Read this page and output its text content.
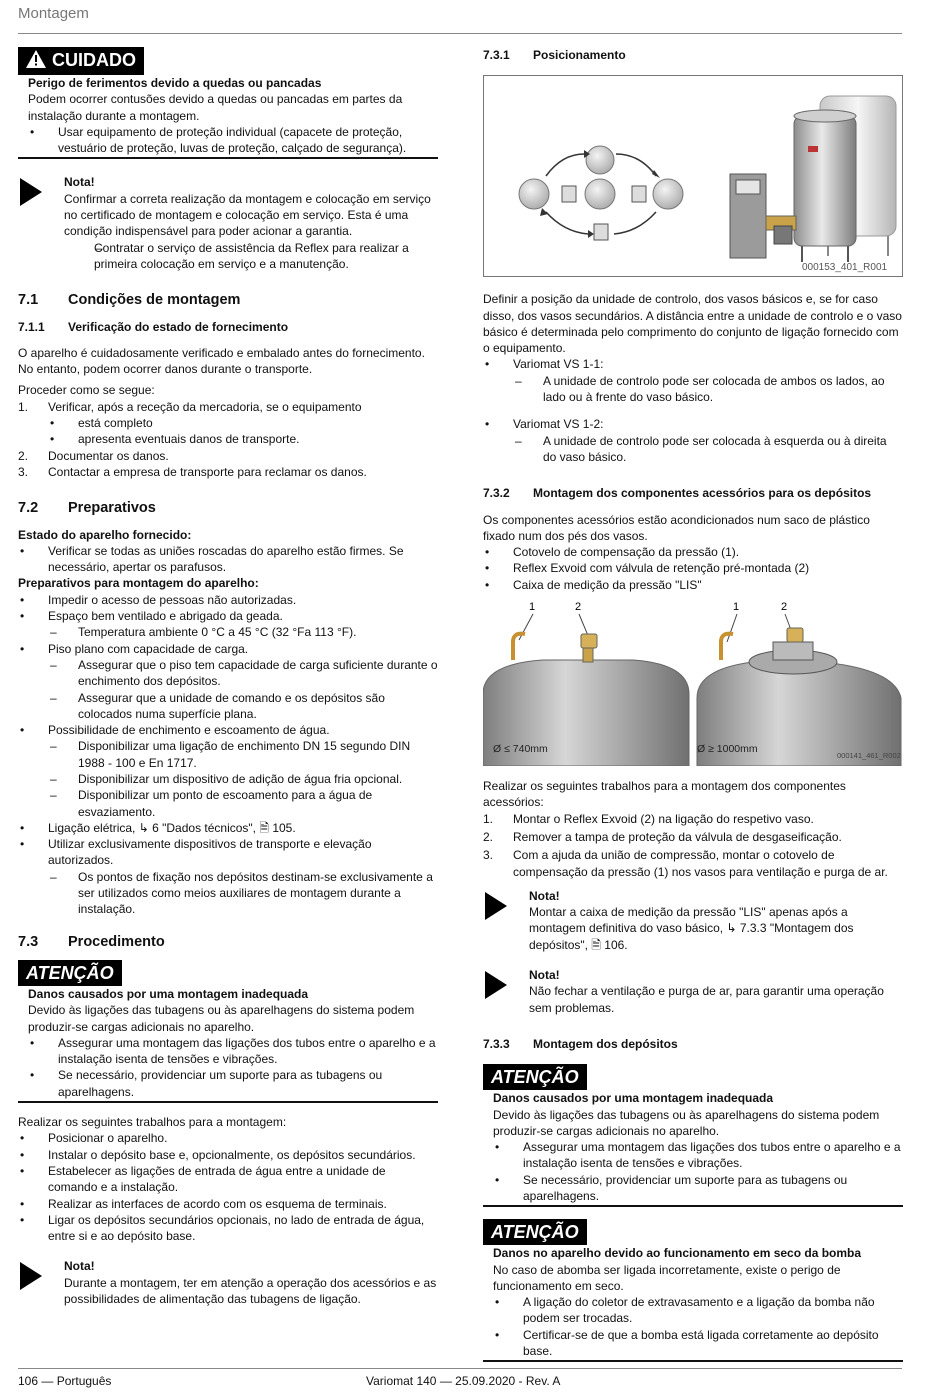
Montagem
CUIDADO

Perigo de ferimentos devido a quedas ou pancadas

Podem ocorrer contusões devido a quedas ou pancadas em partes da instalação durante a montagem.

• Usar equipamento de proteção individual (capacete de proteção, vestuário de proteção, luvas de proteção, calçado de segurança).

Nota!

Confirmar a correta realização da montagem e colocação em serviço no certificado de montagem e colocação em serviço. Esta é uma condição indispensável para poder acionar a garantia.

– Contratar o serviço de assistência da Reflex para realizar a primeira colocação em serviço e a manutenção.

7.1 Condições de montagem
7.1.1 Verificação do estado de fornecimento

O aparelho é cuidadosamente verificado e embalado antes do fornecimento. No entanto, podem ocorrer danos durante o transporte.

Proceder como se segue:

1. Verificar, após a receção da mercadoria, se o equipamento

• está completo

• apresenta eventuais danos de transporte.

2. Documentar os danos.
3. Contactar a empresa de transporte para reclamar os danos.
7.2 Preparativos

Estado do aparelho fornecido:

• Verificar se todas as uniões roscadas do aparelho estão firmes. Se necessário, apertar os parafusos.

Preparativos para montagem do aparelho:

• Impedir o acesso de pessoas não autorizadas.

• Espaço bem ventilado e abrigado da geada.

– Temperatura ambiente 0 °C a 45 °C (32 °Fa 113 °F).

• Piso plano com capacidade de carga.

– Assegurar que o piso tem capacidade de carga suficiente durante o enchimento dos depósitos.

– Assegurar que a unidade de comando e os depósitos são colocados numa superfície plana.

• Possibilidade de enchimento e escoamento de água.

– Disponibilizar uma ligação de enchimento DN 15 segundo DIN 1988 - 100 e En 1717.

– Disponibilizar um dispositivo de adição de água fria opcional.

– Disponibilizar um ponto de escoamento para a água de esvaziamento.

• Ligação elétrica, ↳ 6 "Dados técnicos", 🗎 105.

• Utilizar exclusivamente dispositivos de transporte e elevação autorizados.

– Os pontos de fixação nos depósitos destinam-se exclusivamente a ser utilizados como meios auxiliares de montagem durante a instalação.

7.3 Procedimento
ATENÇÃO

Danos causados por uma montagem inadequada

Devido às ligações das tubagens ou às aparelhagens do sistema podem produzir-se cargas adicionais no aparelho.

• Assegurar uma montagem das ligações dos tubos entre o aparelho e a instalação isenta de tensões e vibrações.

• Se necessário, providenciar um suporte para as tubagens ou aparelhagens.

Realizar os seguintes trabalhos para a montagem:

• Posicionar o aparelho.

• Instalar o depósito base e, opcionalmente, os depósitos secundários.

• Estabelecer as ligações de entrada de água entre a unidade de comando e a instalação.

• Realizar as interfaces de acordo com os esquema de terminais.

• Ligar os depósitos secundários opcionais, no lado de entrada de água, entre si e ao depósito base.

Nota!

Durante a montagem, ter em atenção a operação dos acessórios e as possibilidades de alimentação das tubagens de ligação.

7.3.1 Posicionamento
000153_401_R001

Definir a posição da unidade de controlo, dos vasos básicos e, se for caso disso, dos vasos secundários. A distância entre a unidade de controlo e o vaso básico é determinada pelo comprimento do conjunto de ligação fornecido com o equipamento.

• Variomat VS 1-1:

– A unidade de controlo pode ser colocada de ambos os lados, ao lado ou à frente do vaso básico.

• Variomat VS 1-2:

– A unidade de controlo pode ser colocada à esquerda ou à direita do vaso básico.

7.3.2 Montagem dos componentes acessórios para os depósitos

Os componentes acessórios estão acondicionados num saco de plástico fixado num dos pés dos vasos.

• Cotovelo de compensação da pressão (1).

• Reflex Exvoid com válvula de retenção pré-montada (2)

• Caixa de medição da pressão "LIS"

1	2	1	2
Ø ≤ 740mm	Ø ≥ 1000mm
000141_461_R002

Realizar os seguintes trabalhos para a montagem dos componentes acessórios:

1. Montar o Reflex Exvoid (2) na ligação do respetivo vaso.
2. Remover a tampa de proteção da válvula de desgaseificação.
3. Com a ajuda da união de compressão, montar o cotovelo de compensação da pressão (1) nos vasos para ventilação e purga de ar.

Nota!

Montar a caixa de medição da pressão "LIS" apenas após a montagem definitiva do vaso básico, ↳ 7.3.3 "Montagem dos depósitos", 🗎 106.

Nota!

Não fechar a ventilação e purga de ar, para garantir uma operação sem problemas.

7.3.3 Montagem dos depósitos
ATENÇÃO

Danos causados por uma montagem inadequada

Devido às ligações das tubagens ou às aparelhagens do sistema podem produzir-se cargas adicionais no aparelho.

• Assegurar uma montagem das ligações dos tubos entre o aparelho e a instalação isenta de tensões e vibrações.

• Se necessário, providenciar um suporte para as tubagens ou aparelhagens.

ATENÇÃO

Danos no aparelho devido ao funcionamento em seco da bomba

No caso de abomba ser ligada incorretamente, existe o perigo de funcionamento em seco.

• A ligação do coletor de extravasamento e a ligação da bomba não podem ser trocadas.

• Certificar-se de que a bomba está ligada corretamente ao depósito base.

106 — Português	Variomat 140 — 25.09.2020 - Rev. A
